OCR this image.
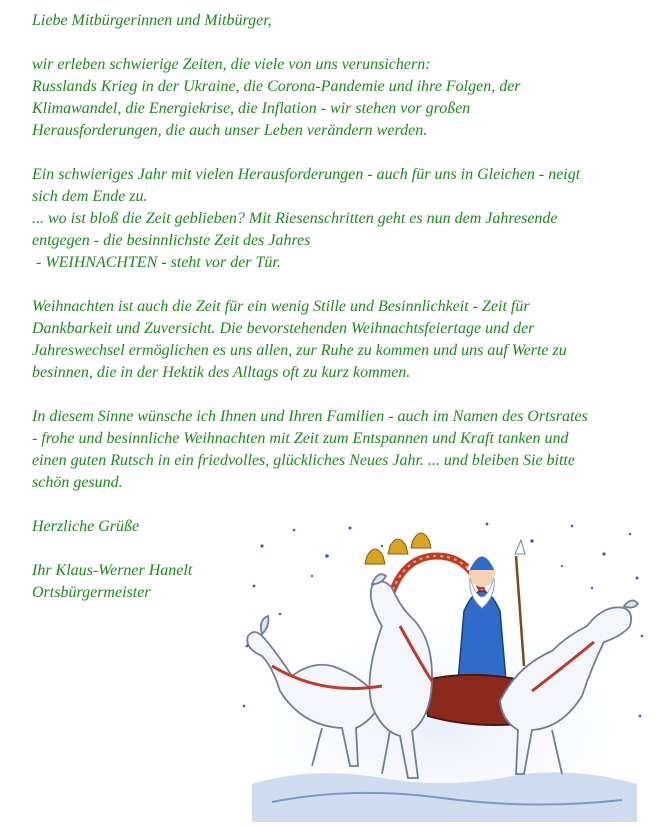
Liebe Mitbürgerinnen und Mitbürger,

wir erleben schwierige Zeiten, die viele von uns verunsichern:
Russlands Krieg in der Ukraine, die Corona-Pandemie und ihre Folgen, der
Klimawandel, die Energiekrise, die Inflation - wir stehen vor großen
Herausforderungen, die auch unser Leben verändern werden.

Ein schwieriges Jahr mit vielen Herausforderungen - auch für uns in Gleichen - neigt
sich dem Ende zu.
... wo ist bloß die Zeit geblieben? Mit Riesenschritten geht es nun dem Jahresende
entgegen - die besinnlichste Zeit des Jahres
- WEIHNACHTEN - steht vor der Tür.

Weihnachten ist auch die Zeit für ein wenig Stille und Besinnlichkeit - Zeit für
Dankbarkeit und Zuversicht. Die bevorstehenden Weihnachtsfeiertage und der
Jahreswechsel ermöglichen es uns allen, zur Ruhe zu kommen und uns auf Werte zu
besinnen, die in der Hektik des Alltags oft zu kurz kommen.

In diesem Sinne wünsche ich Ihnen und Ihren Familien - auch im Namen des Ortsrates
- frohe und besinnliche Weihnachten mit Zeit zum Entspannen und Kraft tanken und
einen guten Rutsch in ein friedvolles, glückliches Neues Jahr. ... und bleiben Sie bitte
schön gesund.

Herzliche Grüße

Ihr Klaus-Werner Hanelt
Ortsbürgermeister
